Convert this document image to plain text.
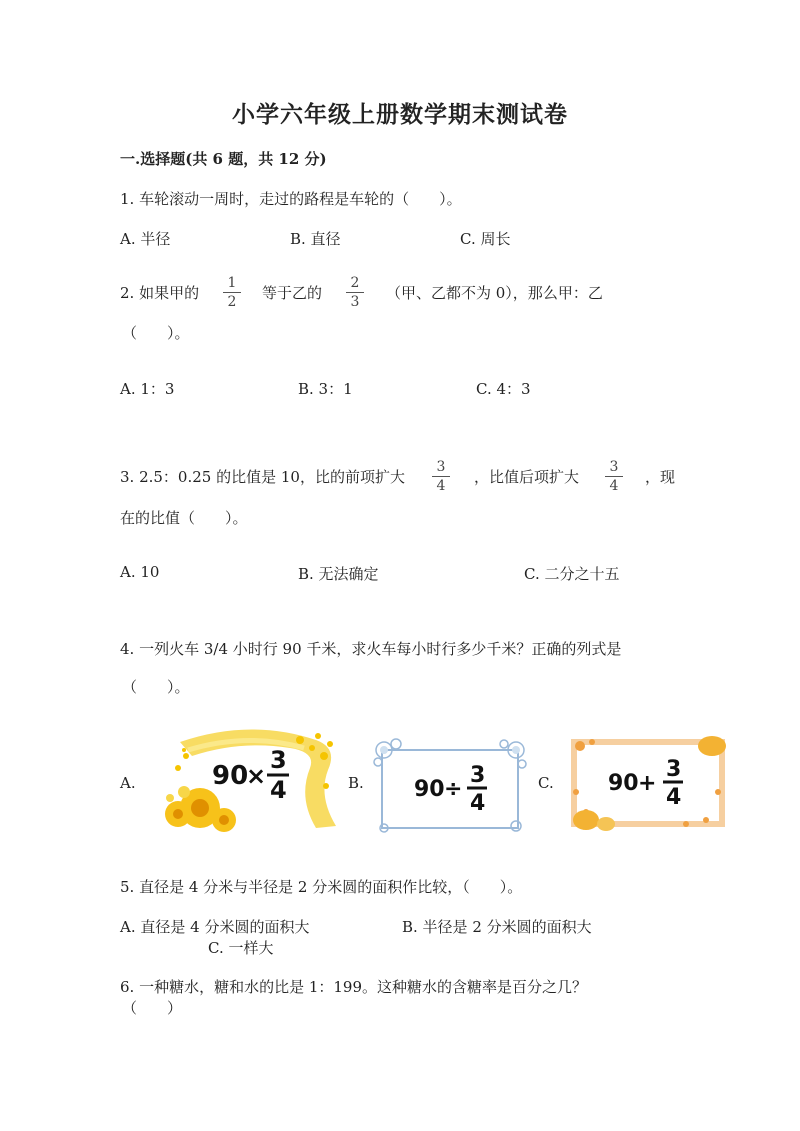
小学六年级上册数学期末测试卷
一.选择题(共 6 题，共 12 分)
1. 车轮滚动一周时，走过的路程是车轮的（　　）。
A. 半径	B. 直径	C. 周长
2. 如果甲的
1
2	等于乙的
2
3	（甲、乙都不为 0），那么甲：乙
（　　）。
A. 1：3	B. 3：1	C. 4：3
3. 2.5：0.25 的比值是 10，比的前项扩大
3
4	，比值后项扩大
3
4	，现
在的比值（　　）。
A. 10	B. 无法确定	C. 二分之十五
4. 一列火车 3/4 小时行 90 千米，求火车每小时行多少千米？正确的列式是
（　　）。
A.	90
×
3
4	B. 90 ÷
3
4
C. 90 +
3
4
5. 直径是 4 分米与半径是 2 分米圆的面积作比较，（　　）。
A. 直径是 4 分米圆的面积大	B. 半径是 2 分米圆的面积大
C. 一样大
6. 一种糖水，糖和水的比是 1：199。这种糖水的含糖率是百分之几？
（　　）
